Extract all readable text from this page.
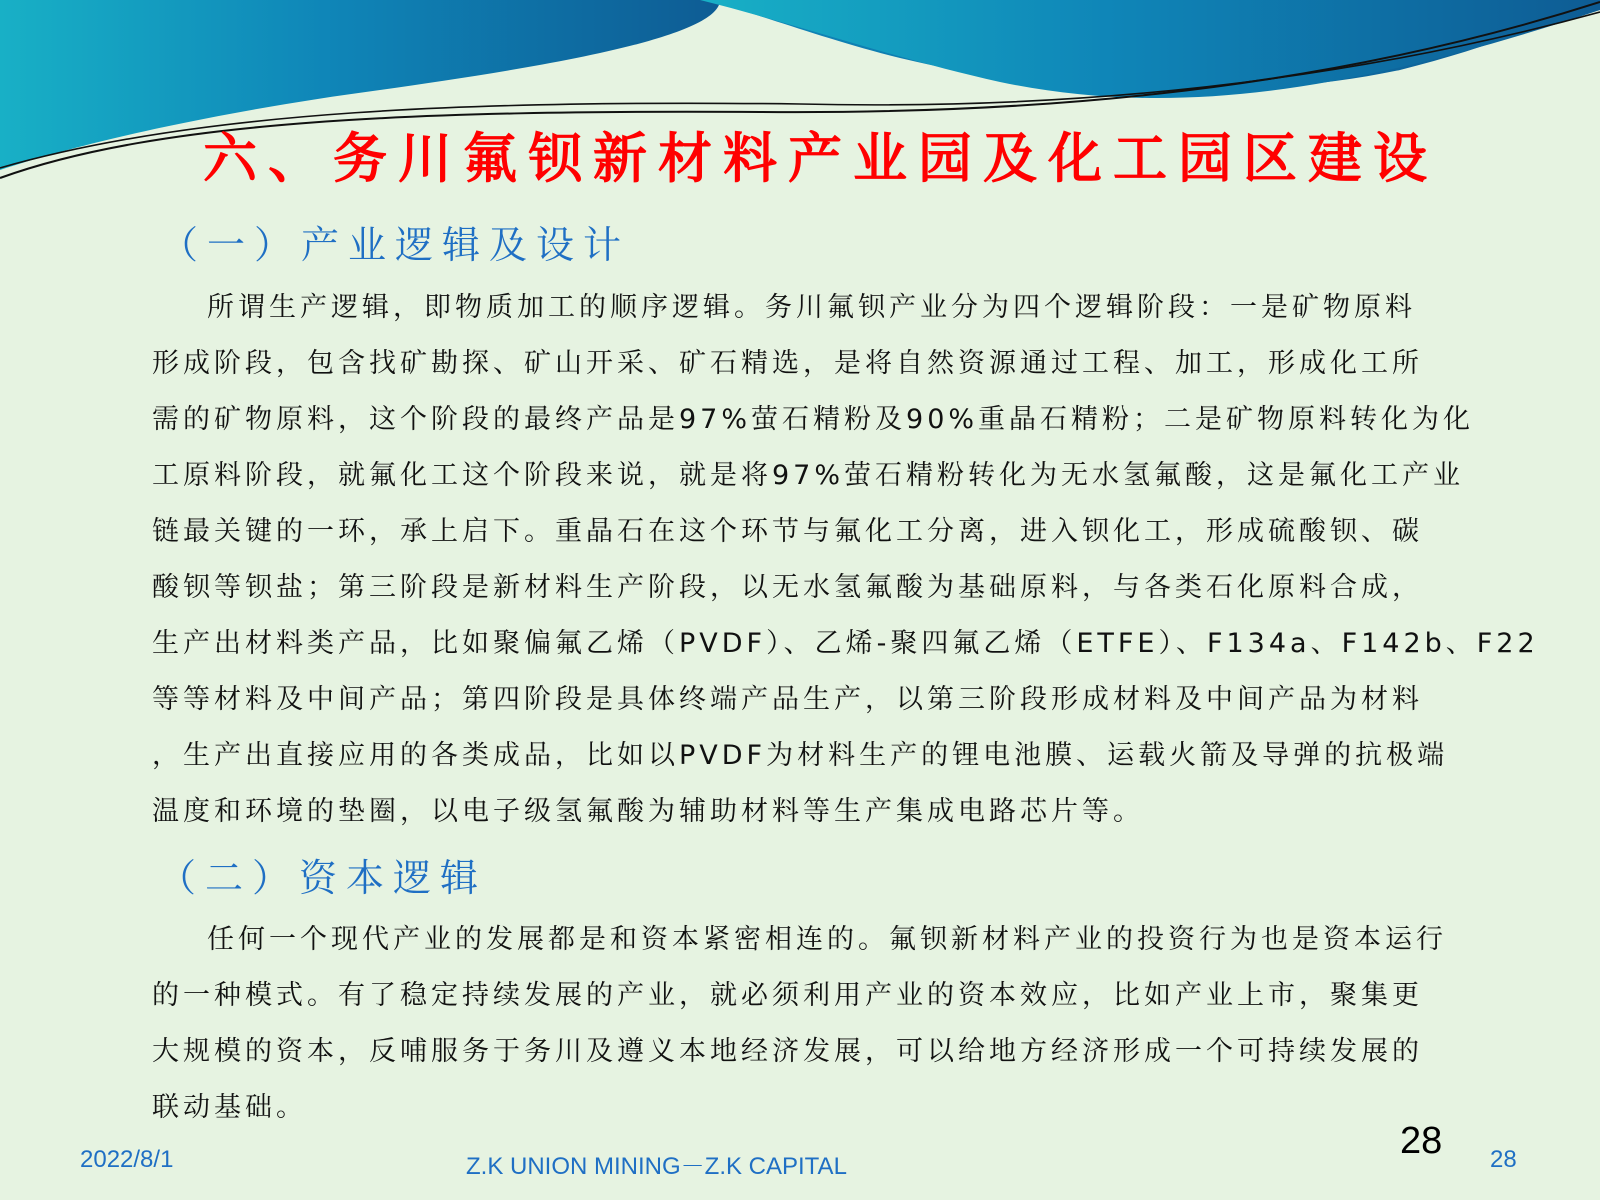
六、务川氟钡新材料产业园及化工园区建设
（一）产业逻辑及设计

所谓生产逻辑，即物质加工的顺序逻辑。务川氟钡产业分为四个逻辑阶段：一是矿物原料
形成阶段，包含找矿勘探、矿山开采、矿石精选，是将自然资源通过工程、加工，形成化工所
需的矿物原料，这个阶段的最终产品是97%萤石精粉及90%重晶石精粉；二是矿物原料转化为化
工原料阶段，就氟化工这个阶段来说，就是将97%萤石精粉转化为无水氢氟酸，这是氟化工产业
链最关键的一环，承上启下。重晶石在这个环节与氟化工分离，进入钡化工，形成硫酸钡、碳
酸钡等钡盐；第三阶段是新材料生产阶段，以无水氢氟酸为基础原料，与各类石化原料合成，
生产出材料类产品，比如聚偏氟乙烯（PVDF）、乙烯-聚四氟乙烯（ETFE）、F134a、F142b、F22
等等材料及中间产品；第四阶段是具体终端产品生产，以第三阶段形成材料及中间产品为材料
，生产出直接应用的各类成品，比如以PVDF为材料生产的锂电池膜、运载火箭及导弹的抗极端
温度和环境的垫圈，以电子级氢氟酸为辅助材料等生产集成电路芯片等。

（二）资本逻辑

任何一个现代产业的发展都是和资本紧密相连的。氟钡新材料产业的投资行为也是资本运行
的一种模式。有了稳定持续发展的产业，就必须利用产业的资本效应，比如产业上市，聚集更
大规模的资本，反哺服务于务川及遵义本地经济发展，可以给地方经济形成一个可持续发展的
联动基础。

2022/8/1	Z.K UNION MINING－Z.K CAPITAL	28
28
